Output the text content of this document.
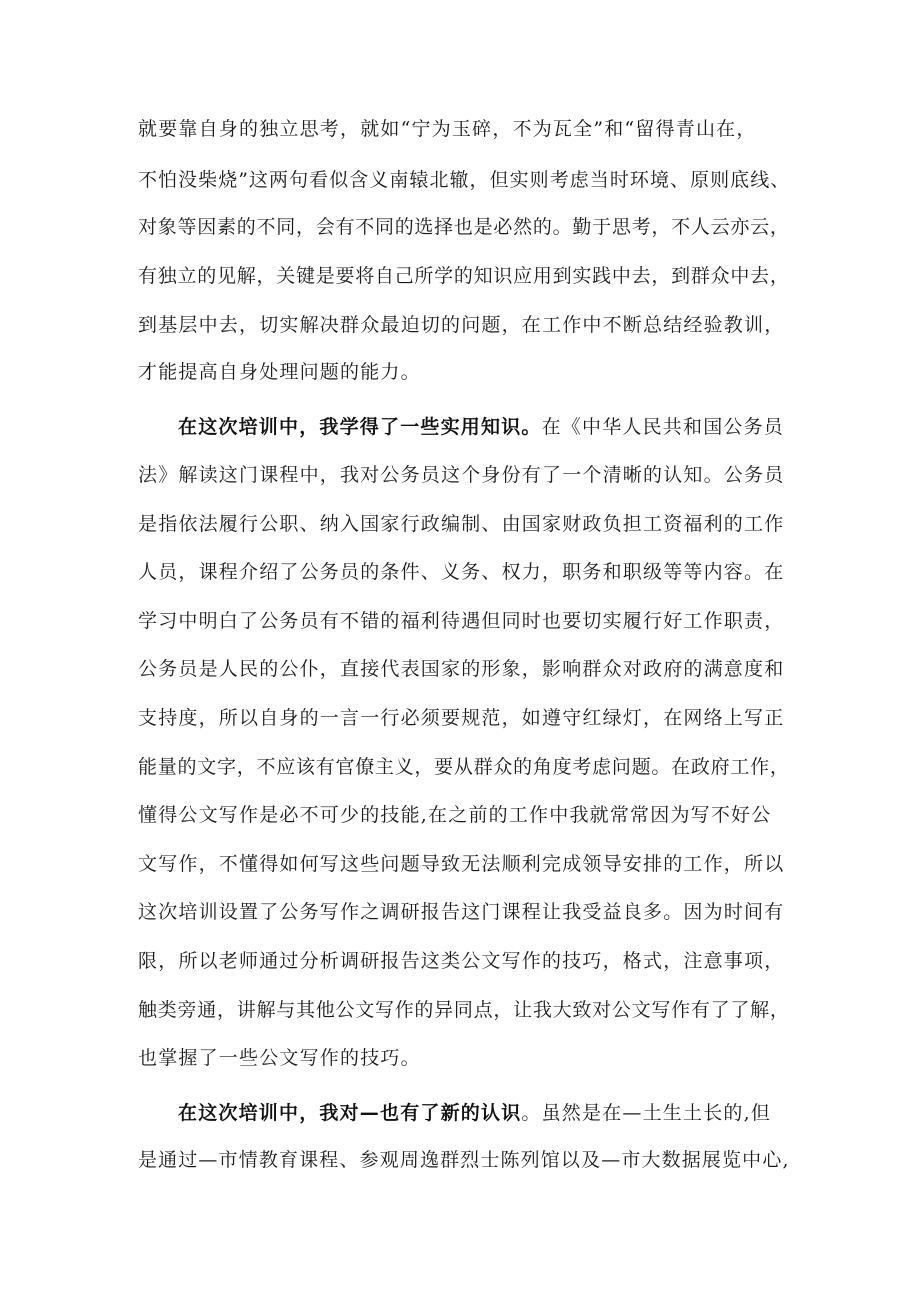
就要靠自身的独立思考，就如“宁为玉碎，不为瓦全”和“留得青山在，
不怕没柴烧”这两句看似含义南辕北辙，但实则考虑当时环境、原则底线、
对象等因素的不同，会有不同的选择也是必然的。勤于思考，不人云亦云，
有独立的见解，关键是要将自己所学的知识应用到实践中去，到群众中去，
到基层中去，切实解决群众最迫切的问题，在工作中不断总结经验教训，
才能提高自身处理问题的能力。
在这次培训中，我学得了一些实用知识。在《中华人民共和国公务员
法》解读这门课程中，我对公务员这个身份有了一个清晰的认知。公务员
是指依法履行公职、纳入国家行政编制、由国家财政负担工资福利的工作
人员，课程介绍了公务员的条件、义务、权力，职务和职级等等内容。在
学习中明白了公务员有不错的福利待遇但同时也要切实履行好工作职责，
公务员是人民的公仆，直接代表国家的形象，影响群众对政府的满意度和
支持度，所以自身的一言一行必须要规范，如遵守红绿灯，在网络上写正
能量的文字，不应该有官僚主义，要从群众的角度考虑问题。在政府工作，
懂得公文写作是必不可少的技能,在之前的工作中我就常常因为写不好公
文写作，不懂得如何写这些问题导致无法顺利完成领导安排的工作，所以
这次培训设置了公务写作之调研报告这门课程让我受益良多。因为时间有
限，所以老师通过分析调研报告这类公文写作的技巧，格式，注意事项，
触类旁通，讲解与其他公文写作的异同点，让我大致对公文写作有了了解，
也掌握了一些公文写作的技巧。
在这次培训中，我对—也有了新的认识。虽然是在—土生土长的,但
是通过—市情教育课程、参观周逸群烈士陈列馆以及—市大数据展览中心,
